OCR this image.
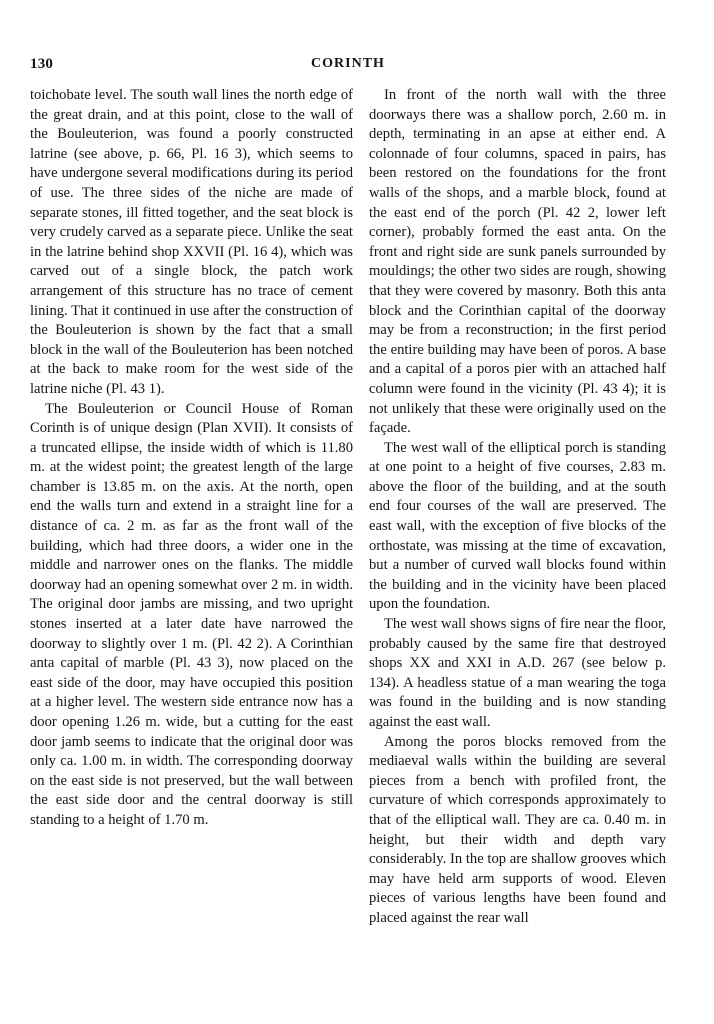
130	CORINTH

toichobate level. The south wall lines the north edge of the great drain, and at this point, close to the wall of the Bouleuterion, was found a poorly constructed latrine (see above, p. 66, Pl. 16 3), which seems to have undergone several modifications during its period of use. The three sides of the niche are made of separate stones, ill fitted together, and the seat block is very crudely carved as a separate piece. Unlike the seat in the latrine behind shop XXVII (Pl. 16 4), which was carved out of a single block, the patch work arrangement of this structure has no trace of cement lining. That it continued in use after the construction of the Bouleuterion is shown by the fact that a small block in the wall of the Bouleuterion has been notched at the back to make room for the west side of the latrine niche (Pl. 43 1).

The Bouleuterion or Council House of Roman Corinth is of unique design (Plan XVII). It consists of a truncated ellipse, the inside width of which is 11.80 m. at the widest point; the greatest length of the large chamber is 13.85 m. on the axis. At the north, open end the walls turn and extend in a straight line for a distance of ca. 2 m. as far as the front wall of the building, which had three doors, a wider one in the middle and narrower ones on the flanks. The middle doorway had an opening somewhat over 2 m. in width. The original door jambs are missing, and two upright stones inserted at a later date have narrowed the doorway to slightly over 1 m. (Pl. 42 2). A Corinthian anta capital of marble (Pl. 43 3), now placed on the east side of the door, may have occupied this position at a higher level. The western side entrance now has a door opening 1.26 m. wide, but a cutting for the east door jamb seems to indicate that the original door was only ca. 1.00 m. in width. The corresponding doorway on the east side is not preserved, but the wall between the east side door and the central doorway is still standing to a height of 1.70 m.

In front of the north wall with the three doorways there was a shallow porch, 2.60 m. in depth, terminating in an apse at either end. A colonnade of four columns, spaced in pairs, has been restored on the foundations for the front walls of the shops, and a marble block, found at the east end of the porch (Pl. 42 2, lower left corner), probably formed the east anta. On the front and right side are sunk panels surrounded by mouldings; the other two sides are rough, showing that they were covered by masonry. Both this anta block and the Corinthian capital of the doorway may be from a reconstruction; in the first period the entire building may have been of poros. A base and a capital of a poros pier with an attached half column were found in the vicinity (Pl. 43 4); it is not unlikely that these were originally used on the façade.

The west wall of the elliptical porch is standing at one point to a height of five courses, 2.83 m. above the floor of the building, and at the south end four courses of the wall are preserved. The east wall, with the exception of five blocks of the orthostate, was missing at the time of excavation, but a number of curved wall blocks found within the building and in the vicinity have been placed upon the foundation.

The west wall shows signs of fire near the floor, probably caused by the same fire that destroyed shops XX and XXI in A.D. 267 (see below p. 134). A headless statue of a man wearing the toga was found in the building and is now standing against the east wall.

Among the poros blocks removed from the mediaeval walls within the building are several pieces from a bench with profiled front, the curvature of which corresponds approximately to that of the elliptical wall. They are ca. 0.40 m. in height, but their width and depth vary considerably. In the top are shallow grooves which may have held arm supports of wood. Eleven pieces of various lengths have been found and placed against the rear wall
